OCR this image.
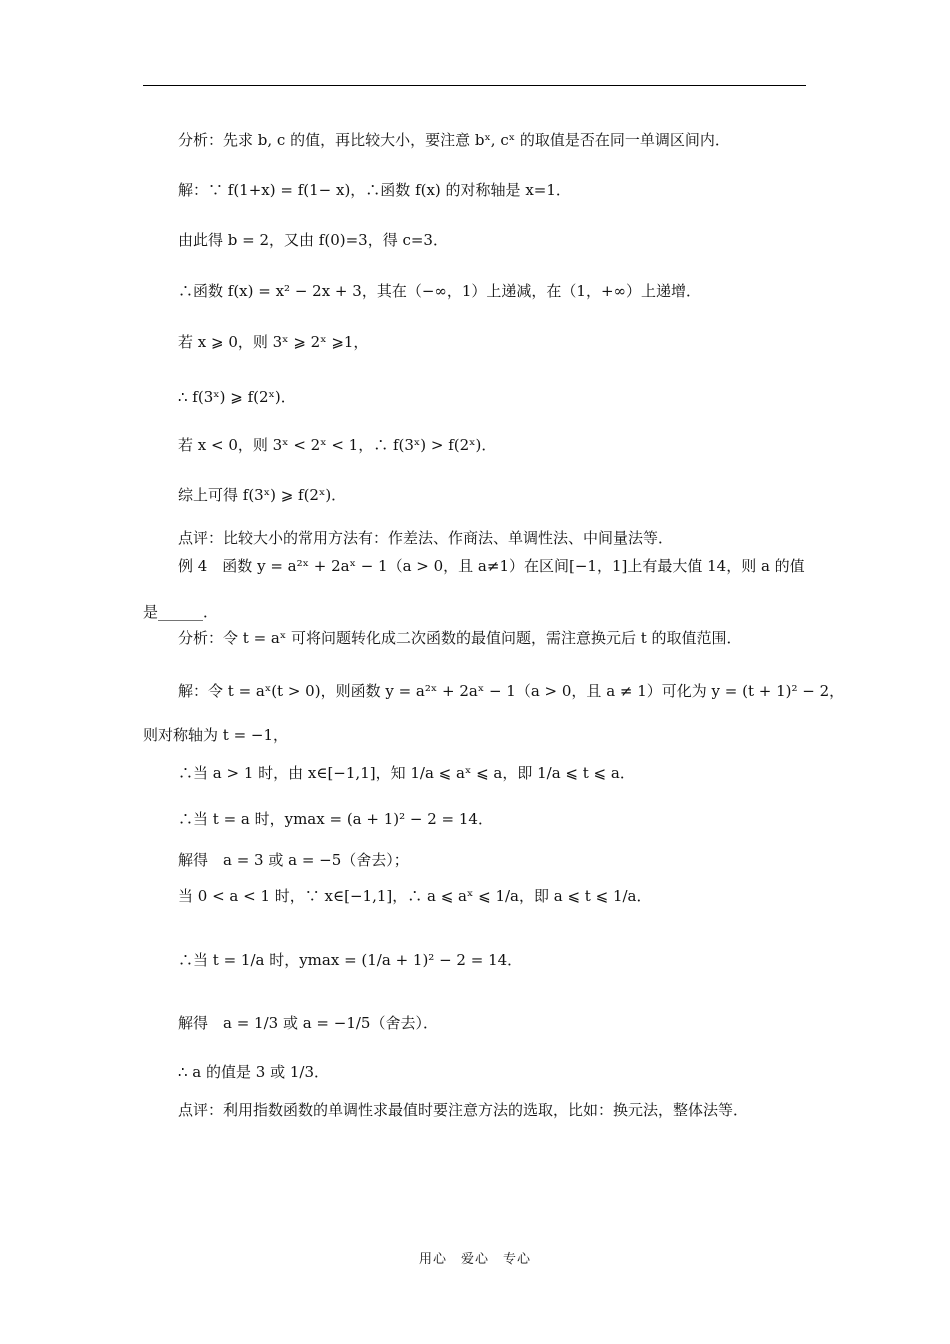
分析：先求 b, c 的值，再比较大小，要注意 bˣ, cˣ 的取值是否在同一单调区间内．
解：∵ f(1+x) = f(1− x)，∴函数 f(x) 的对称轴是 x=1．
由此得 b = 2，又由 f(0)=3，得 c=3．
∴函数 f(x) = x² − 2x + 3，其在（−∞，1）上递减，在（1，+∞）上递增．
若 x ⩾ 0，则 3ˣ ⩾ 2ˣ ⩾1，
∴ f(3ˣ) ⩾ f(2ˣ)．
若 x < 0，则 3ˣ < 2ˣ < 1，∴ f(3ˣ) > f(2ˣ)．
综上可得 f(3ˣ) ⩾ f(2ˣ)．
点评：比较大小的常用方法有：作差法、作商法、单调性法、中间量法等．
例 4　函数 y = a²ˣ + 2aˣ − 1（a > 0，且 a≠1）在区间[−1，1]上有最大值 14，则 a 的值
是______．
分析：令 t = aˣ 可将问题转化成二次函数的最值问题，需注意换元后 t 的取值范围．
解：令 t = aˣ(t > 0)，则函数 y = a²ˣ + 2aˣ − 1（a > 0，且 a ≠ 1）可化为 y = (t + 1)² − 2，
则对称轴为 t = −1，
∴当 a > 1 时，由 x∈[−1,1]，知 1/a ⩽ aˣ ⩽ a，即 1/a ⩽ t ⩽ a．
∴当 t = a 时，ymax = (a + 1)² − 2 = 14．
解得　a = 3 或 a = −5（舍去）；
当 0 < a < 1 时，∵ x∈[−1,1]，∴ a ⩽ aˣ ⩽ 1/a，即 a ⩽ t ⩽ 1/a．
∴当 t = 1/a 时，ymax = (1/a + 1)² − 2 = 14．
解得　a = 1/3 或 a = −1/5（舍去）．
∴ a 的值是 3 或 1/3．
点评：利用指数函数的单调性求最值时要注意方法的选取，比如：换元法，整体法等．
用心　爱心　专心
